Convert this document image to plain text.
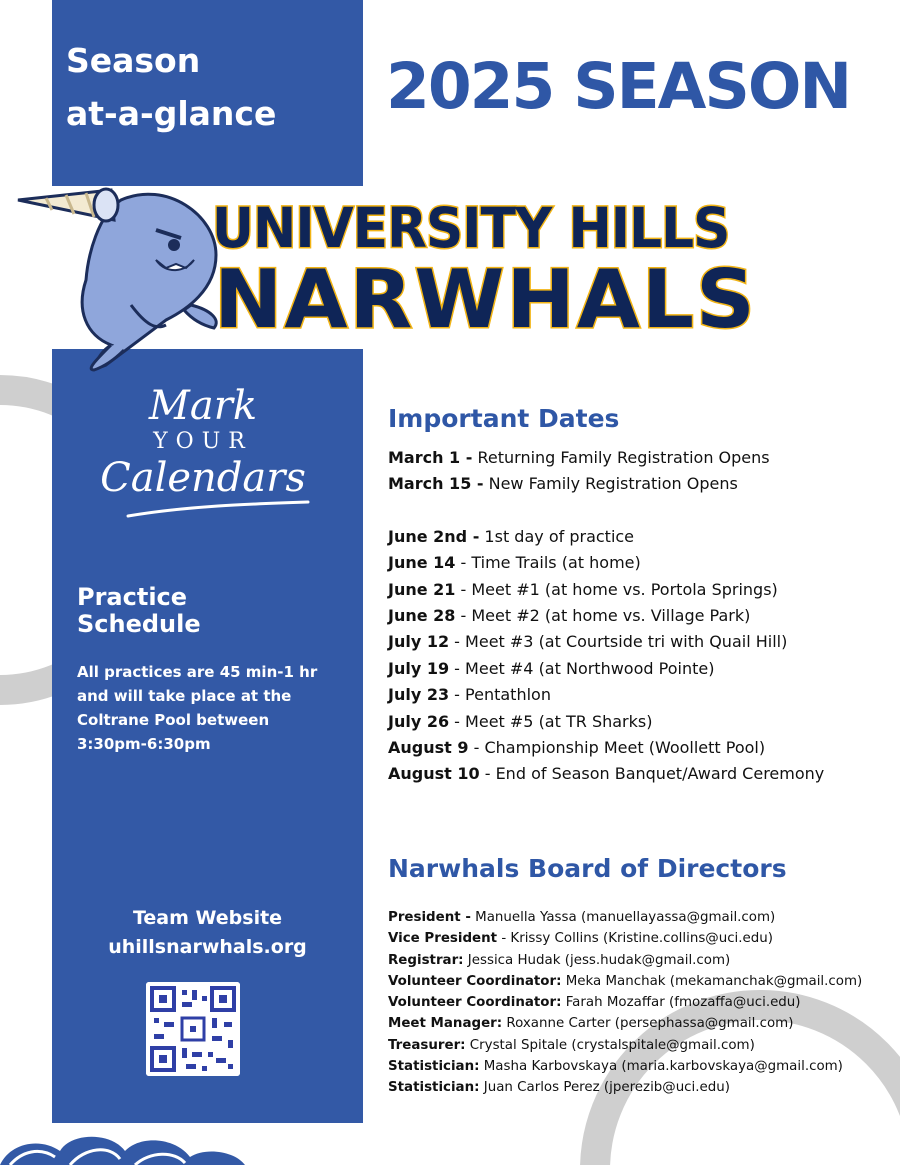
Season
at-a-glance 2025 SEASON
UNIVERSITY HILLS
NARWHALS
Mark
YOUR
Calendars
Practice
Schedule
All practices are 45 min-1 hr
and will take place at the
Coltrane Pool between
3:30pm-6:30pm
Team Website
uhillsnarwhals.org
Important Dates
March 1 - Returning Family Registration Opens
March 15 - New Family Registration Opens
June 2nd - 1st day of practice
June 14 - Time Trails (at home)
June 21 - Meet #1 (at home vs. Portola Springs)
June 28 - Meet #2 (at home vs. Village Park)
July 12 - Meet #3 (at Courtside tri with Quail Hill)
July 19 - Meet #4 (at Northwood Pointe)
July 23 - Pentathlon
July 26 - Meet #5 (at TR Sharks)
August 9 - Championship Meet (Woollett Pool)
August 10 - End of Season Banquet/Award Ceremony
Narwhals Board of Directors
President - Manuella Yassa (manuellayassa@gmail.com)
Vice President - Krissy Collins (Kristine.collins@uci.edu)
Registrar: Jessica Hudak (jess.hudak@gmail.com)
Volunteer Coordinator: Meka Manchak (mekamanchak@gmail.com)
Volunteer Coordinator: Farah Mozaffar (fmozaffa@uci.edu)
Meet Manager: Roxanne Carter (persephassa@gmail.com)
Treasurer: Crystal Spitale (crystalspitale@gmail.com)
Statistician: Masha Karbovskaya (maria.karbovskaya@gmail.com)
Statistician: Juan Carlos Perez (jperezib@uci.edu)
